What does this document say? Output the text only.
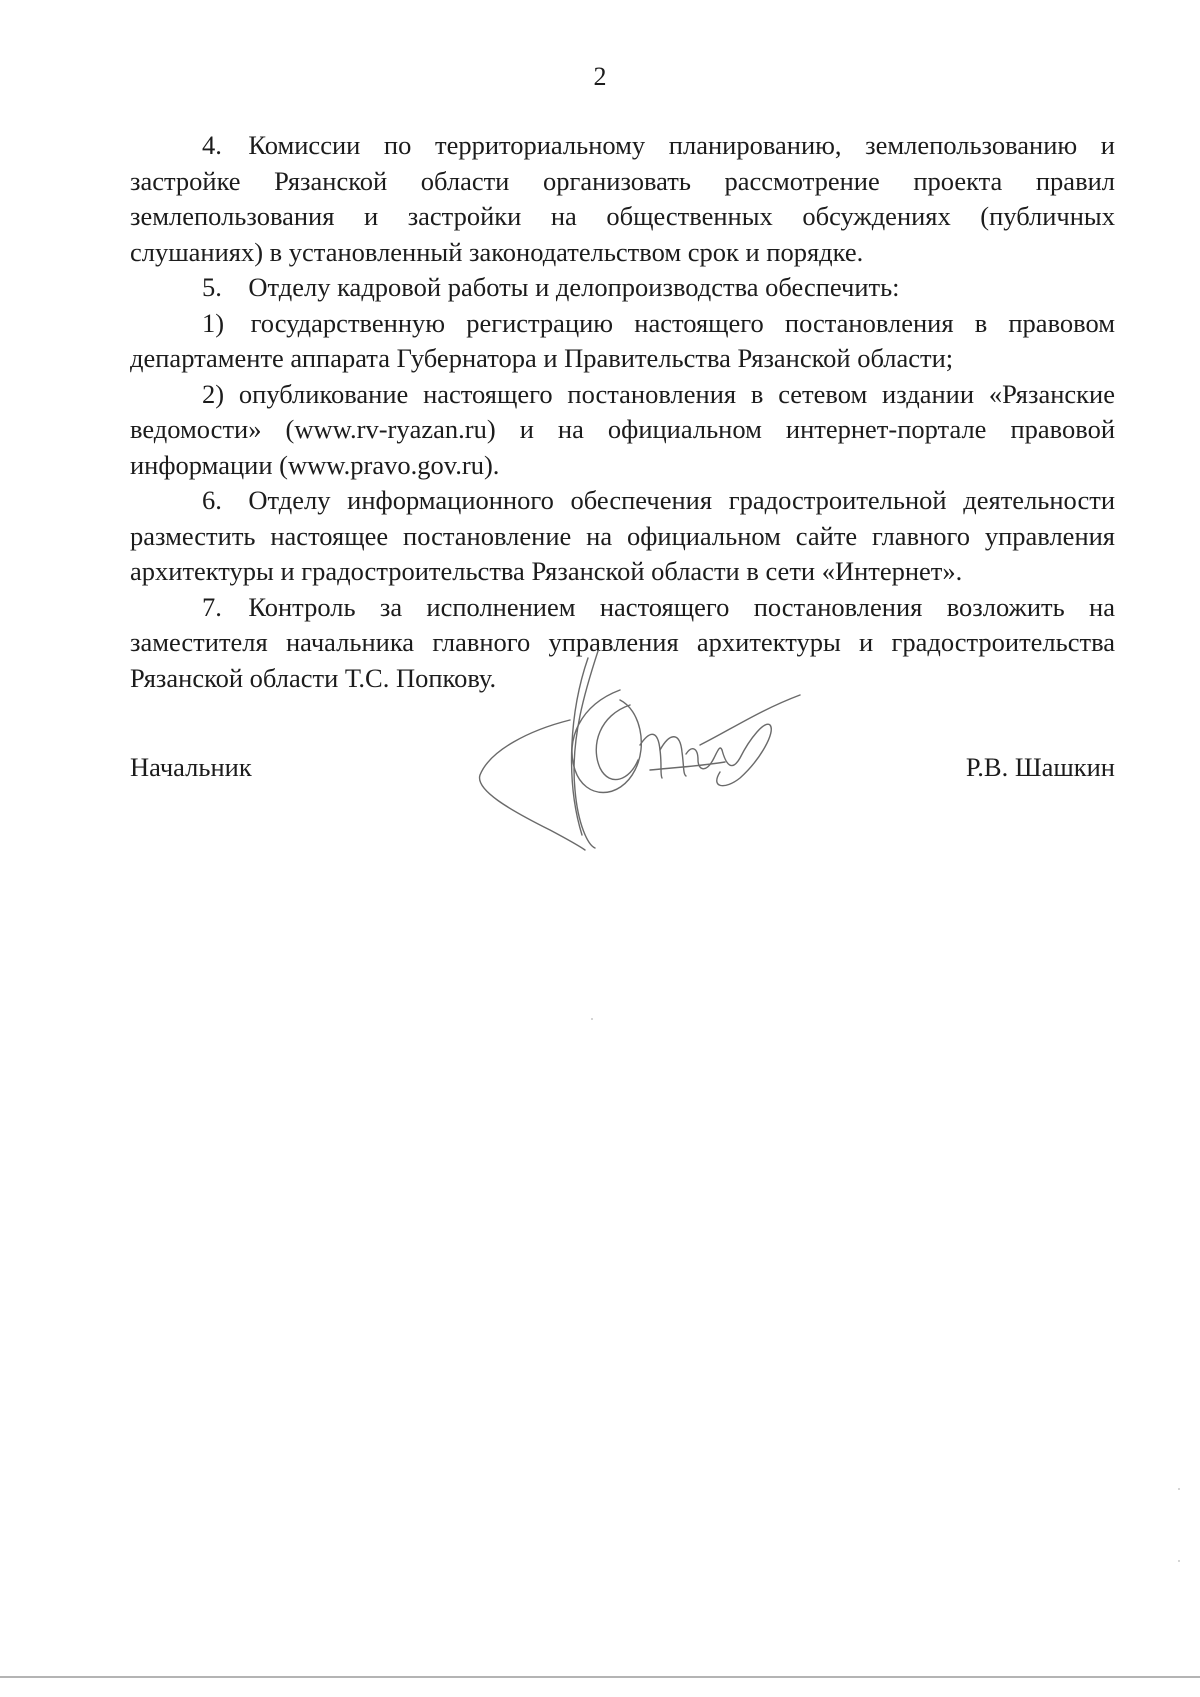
2

4. Комиссии по территориальному планированию, землепользованию и застройке Рязанской области организовать рассмотрение проекта правил землепользования и застройки на общественных обсуждениях (публичных слушаниях) в установленный законодательством срок и порядке.

5. Отделу кадровой работы и делопроизводства обеспечить:

1) государственную регистрацию настоящего постановления в правовом департаменте аппарата Губернатора и Правительства Рязанской области;

2) опубликование настоящего постановления в сетевом издании «Рязанские ведомости» (www.rv-ryazan.ru) и на официальном интернет-портале правовой информации (www.pravo.gov.ru).

6. Отделу информационного обеспечения градостроительной деятельности разместить настоящее постановление на официальном сайте главного управления архитектуры и градостроительства Рязанской области в сети «Интернет».

7. Контроль за исполнением настоящего постановления возложить на заместителя начальника главного управления архитектуры и градостроительства Рязанской области Т.С. Попкову.

Начальник	Р.В. Шашкин
